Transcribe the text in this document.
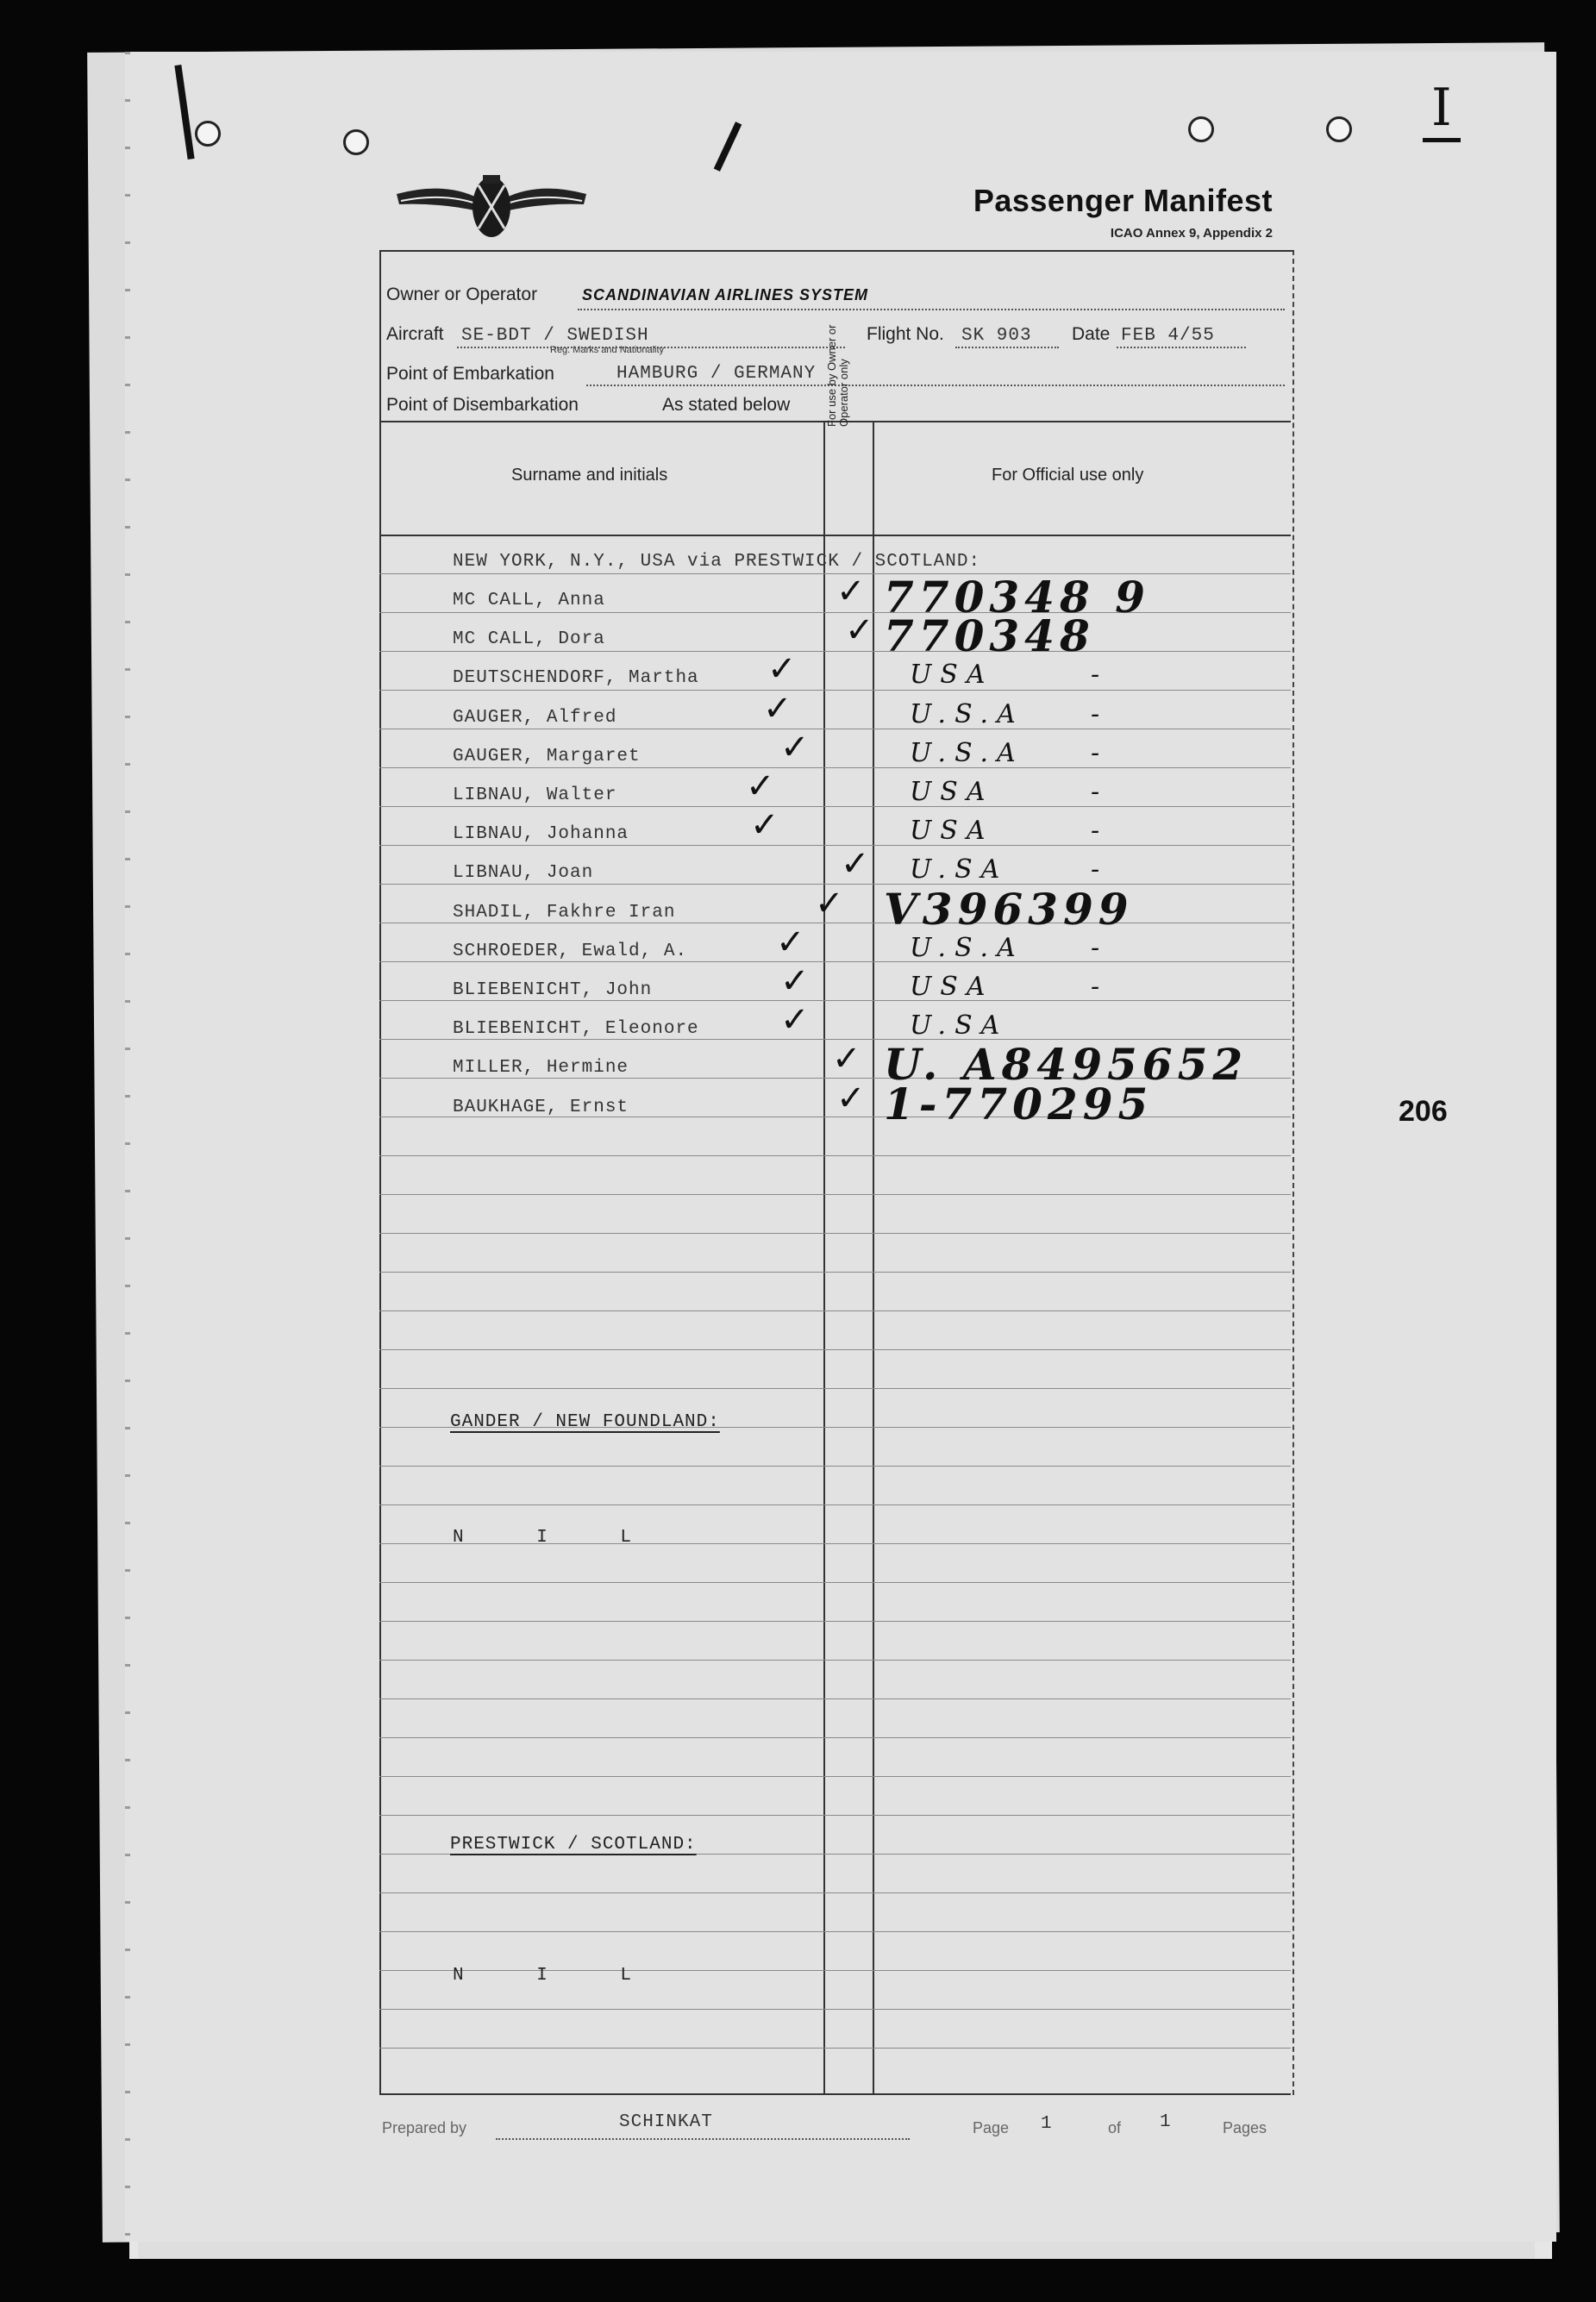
I
Passenger Manifest
ICAO Annex 9, Appendix 2
Owner or Operator	SCANDINAVIAN AIRLINES SYSTEM
Aircraft SE-BDT / SWEDISH
Reg. Marks and Nationality
Flight No. SK 903 Date FEB 4/55
Point of Embarkation	HAMBURG / GERMANY
Point of Disembarkation	As stated below
Surname and initials
For use by Owner or Operator only
For Official use only
NEW YORK, N.Y., USA via PRESTWICK / SCOTLAND:
MC CALL, Anna	✓ 770348 9
MC CALL, Dora	✓ 770348
DEUTSCHENDORF, Martha ✓	USA	-
GAUGER, Alfred	✓	U.S.A	-
GAUGER, Margaret	✓	U.S.A	-
LIBNAU, Walter	✓	USA	-
LIBNAU, Johanna	✓	USA	-
LIBNAU, Joan	✓ U.SA	-
SHADIL, Fakhre Iran	✓ V396399
SCHROEDER, Ewald, A.	✓	U.S.A	-
BLIEBENICHT, John	✓	USA	-
BLIEBENICHT, Eleonore ✓	U.SA
MILLER, Hermine	✓ U. A8495652
BAUKHAGE, Ernst	✓ 1-770295
GANDER / NEW FOUNDLAND:
N I L
PRESTWICK / SCOTLAND:
N I L
Prepared by	SCHINKAT	Page 1	of 1	Pages
206
